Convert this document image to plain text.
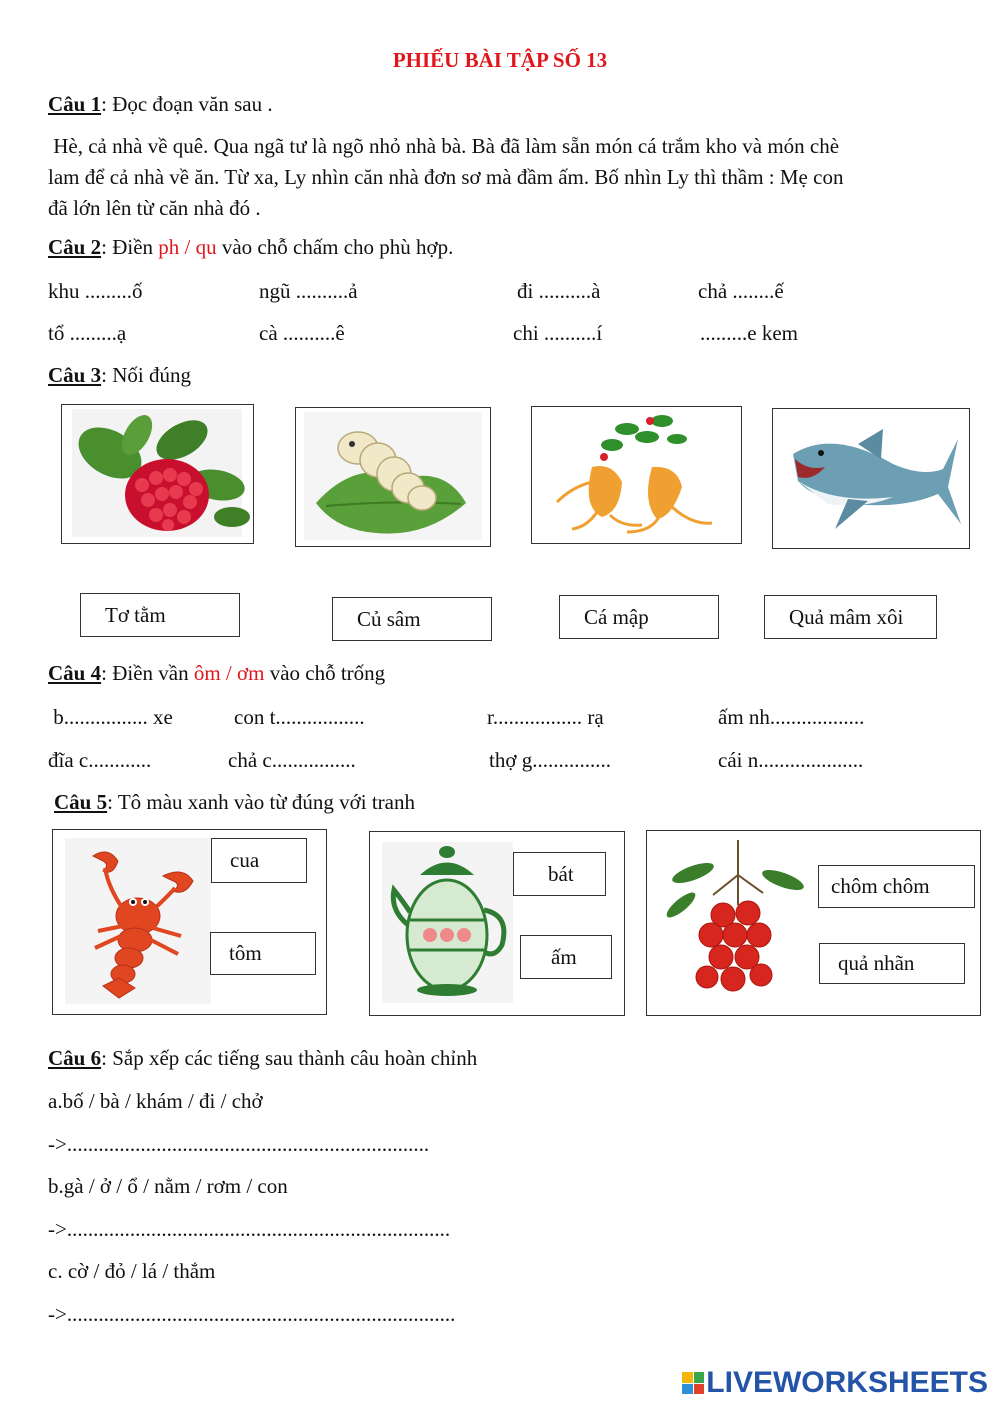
PHIẾU BÀI TẬP SỐ 13
Câu 1: Đọc đoạn văn sau .
Hè, cả nhà về quê. Qua ngã tư là ngõ nhỏ nhà bà. Bà đã làm sẵn món cá trắm kho và món chè
lam để cả nhà về ăn. Từ xa, Ly nhìn căn nhà đơn sơ mà đầm ấm. Bố nhìn Ly thì thầm : Mẹ con
đã lớn lên từ căn nhà đó .
Câu 2: Điền ph / qu vào chỗ chấm cho phù hợp.
khu .........ố	ngũ ..........ả	đi ..........à	chả ........ế
tổ .........ạ	cà ..........ê	chi ..........í	.........e kem
Câu 3: Nối đúng
Tơ tằm	Củ sâm	Cá mập	Quả mâm xôi
Câu 4: Điền vần ôm / ơm vào chỗ trống
b................ xe	con t.................	r................. rạ	ấm nh..................
đĩa c............	chả c................	thợ g...............	cái n....................
Câu 5: Tô màu xanh vào từ đúng với tranh
cua
tôm
bát
ấm
chôm chôm
quả nhãn
Câu 6: Sắp xếp các tiếng sau thành câu hoàn chỉnh
a.bố / bà / khám / đi / chở
->.....................................................................
b.gà / ở / ổ / nằm / rơm / con
->.........................................................................
c. cờ / đỏ / lá / thắm
->..........................................................................
LIVEWORKSHEETS
